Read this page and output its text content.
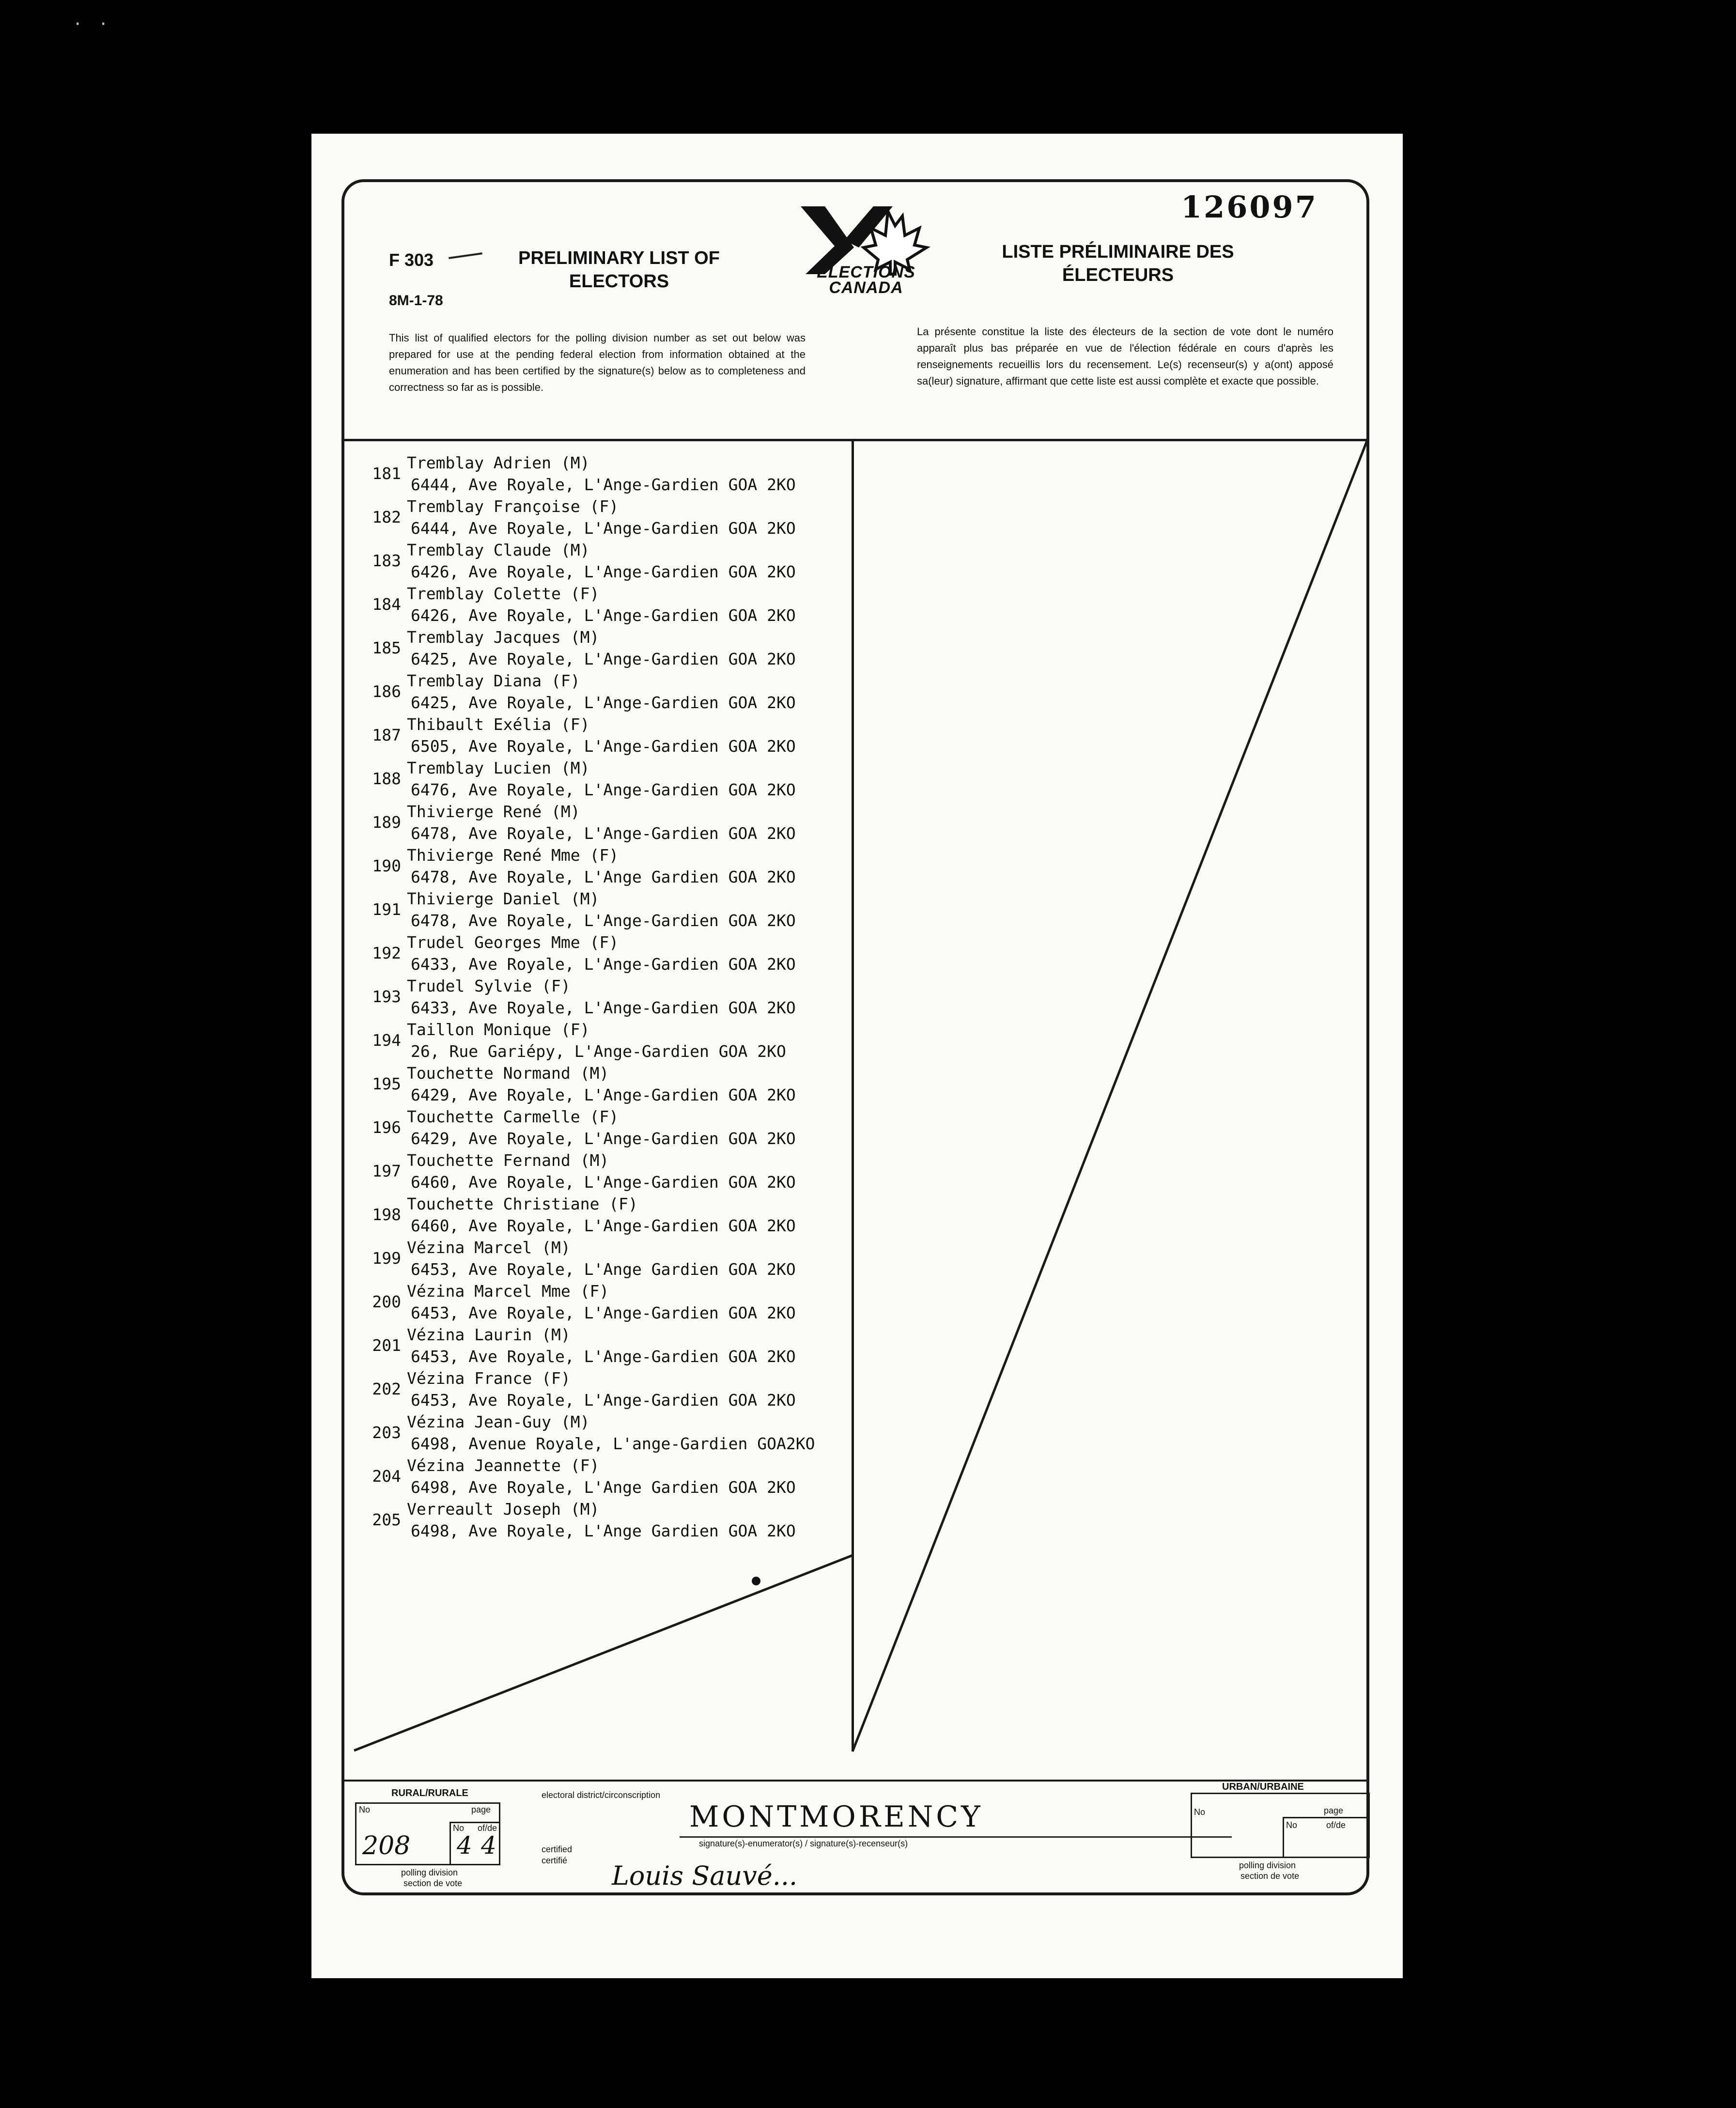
· ·
126097
F 303
8M-1-78
PRELIMINARY LIST OF ELECTORS
LISTE PRÉLIMINAIRE DES ÉLECTEURS
ELECTIONS CANADA
This list of qualified electors for the polling division number as set out below was prepared for use at the pending federal election from information obtained at the enumeration and has been certified by the signature(s) below as to completeness and correctness so far as is possible.
La présente constitue la liste des électeurs de la section de vote dont le numéro apparaît plus bas préparée en vue de l'élection fédérale en cours d'après les renseignements recueillis lors du recensement. Le(s) recenseur(s) y a(ont) apposé sa(leur) signature, affirmant que cette liste est aussi complète et exacte que possible.
181
Tremblay Adrien (M)
6444, Ave Royale, L'Ange-Gardien GOA 2KO
182
Tremblay Françoise (F)
6444, Ave Royale, L'Ange-Gardien GOA 2KO
183
Tremblay Claude (M)
6426, Ave Royale, L'Ange-Gardien GOA 2KO
184
Tremblay Colette (F)
6426, Ave Royale, L'Ange-Gardien GOA 2KO
185
Tremblay Jacques (M)
6425, Ave Royale, L'Ange-Gardien GOA 2KO
186
Tremblay Diana (F)
6425, Ave Royale, L'Ange-Gardien GOA 2KO
187
Thibault Exélia (F)
6505, Ave Royale, L'Ange-Gardien GOA 2KO
188
Tremblay Lucien (M)
6476, Ave Royale, L'Ange-Gardien GOA 2KO
189
Thivierge René (M)
6478, Ave Royale, L'Ange-Gardien GOA 2KO
190
Thivierge René Mme (F)
6478, Ave Royale, L'Ange Gardien GOA 2KO
191
Thivierge Daniel (M)
6478, Ave Royale, L'Ange-Gardien GOA 2KO
192
Trudel Georges Mme (F)
6433, Ave Royale, L'Ange-Gardien GOA 2KO
193
Trudel Sylvie (F)
6433, Ave Royale, L'Ange-Gardien GOA 2KO
194
Taillon Monique (F)
26, Rue Gariépy, L'Ange-Gardien GOA 2KO
195
Touchette Normand (M)
6429, Ave Royale, L'Ange-Gardien GOA 2KO
196
Touchette Carmelle (F)
6429, Ave Royale, L'Ange-Gardien GOA 2KO
197
Touchette Fernand (M)
6460, Ave Royale, L'Ange-Gardien GOA 2KO
198
Touchette Christiane (F)
6460, Ave Royale, L'Ange-Gardien GOA 2KO
199
Vézina Marcel (M)
6453, Ave Royale, L'Ange Gardien GOA 2KO
200
Vézina Marcel Mme (F)
6453, Ave Royale, L'Ange-Gardien GOA 2KO
201
Vézina Laurin (M)
6453, Ave Royale, L'Ange-Gardien GOA 2KO
202
Vézina France (F)
6453, Ave Royale, L'Ange-Gardien GOA 2KO
203
Vézina Jean-Guy (M)
6498, Avenue Royale, L'ange-Gardien GOA2KO
204
Vézina Jeannette (F)
6498, Ave Royale, L'Ange Gardien GOA 2KO
205
Verreault Joseph (M)
6498, Ave Royale, L'Ange Gardien GOA 2KO
RURAL/RURALE
No	page
No of/de
208 4 4
polling division
section de vote
electoral district/circonscription
MONTMORENCY
signature(s)-enumerator(s) / signature(s)-recenseur(s)
certified
certifié Louis Sauvé...
URBAN/URBAINE
No	page
No	of/de
polling division
section de vote
